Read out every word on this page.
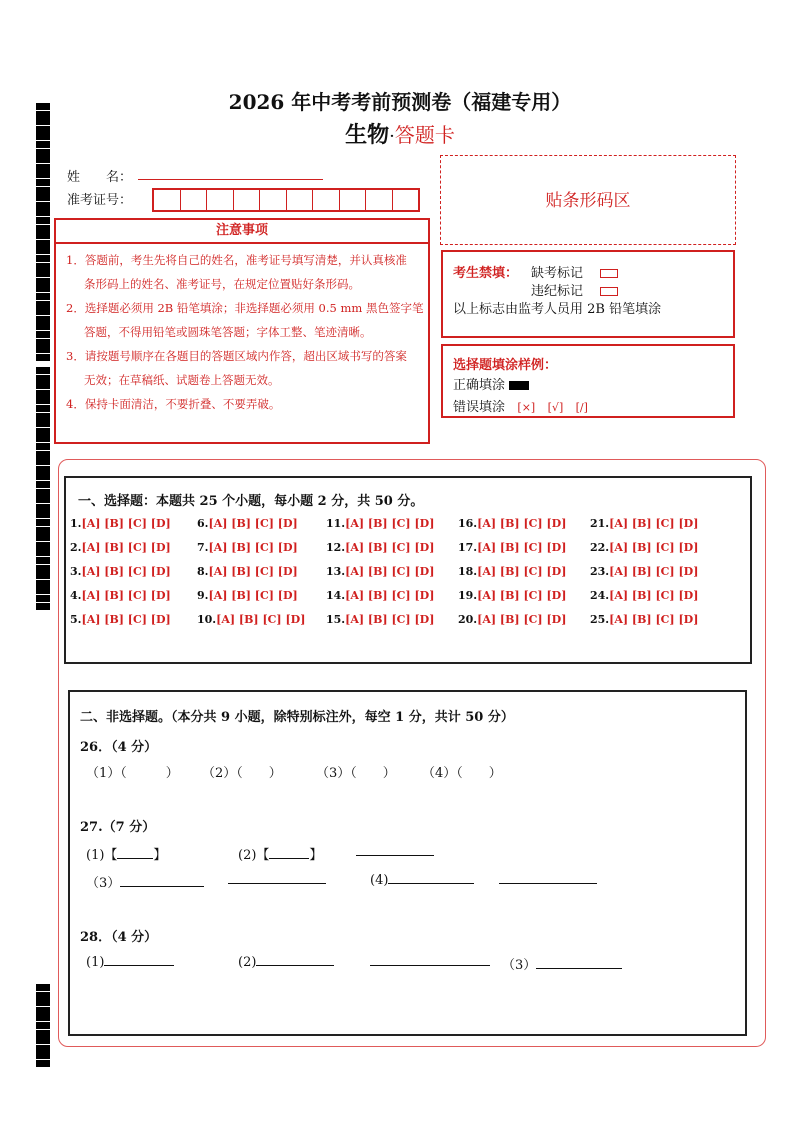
2026 年中考考前预测卷（福建专用）
生物·答题卡
姓　　名：
准考证号：
注意事项
1．答题前，考生先将自己的姓名，准考证号填写清楚，并认真核准
条形码上的姓名、准考证号，在规定位置贴好条形码。
2．选择题必须用 2B 铅笔填涂；非选择题必须用 0.5 mm 黑色签字笔
答题，不得用铅笔或圆珠笔答题；字体工整、笔迹清晰。
3．请按题号顺序在各题目的答题区域内作答，超出区域书写的答案
无效；在草稿纸、试题卷上答题无效。
4．保持卡面清洁，不要折叠、不要弄破。
贴条形码区
考生禁填： 缺考标记
违纪标记
以上标志由监考人员用 2B 铅笔填涂
选择题填涂样例：
正确填涂
错误填涂 [×] [√] [/]
一、选择题：本题共 25 个小题，每小题 2 分，共 50 分。
1.[A] [B] [C] [D]
2.[A] [B] [C] [D]
3.[A] [B] [C] [D]
4.[A] [B] [C] [D]
5.[A] [B] [C] [D]
6.[A] [B] [C] [D]
7.[A] [B] [C] [D]
8.[A] [B] [C] [D]
9.[A] [B] [C] [D]
10.[A] [B] [C] [D]
11.[A] [B] [C] [D]
12.[A] [B] [C] [D]
13.[A] [B] [C] [D]
14.[A] [B] [C] [D]
15.[A] [B] [C] [D]
16.[A] [B] [C] [D]
17.[A] [B] [C] [D]
18.[A] [B] [C] [D]
19.[A] [B] [C] [D]
20.[A] [B] [C] [D]
21.[A] [B] [C] [D]
22.[A] [B] [C] [D]
23.[A] [B] [C] [D]
24.[A] [B] [C] [D]
25.[A] [B] [C] [D]
二、非选择题。（本分共 9 小题，除特别标注外，每空 1 分，共计 50 分）
26．（4 分）
（1）（　　　） （2）（　　）	（3）（　　） （4）（　　）
27.（7 分）
(1)【	】	(2)【	】
（3）	(4)
28．（4 分）
(1)	(2)	（3）
